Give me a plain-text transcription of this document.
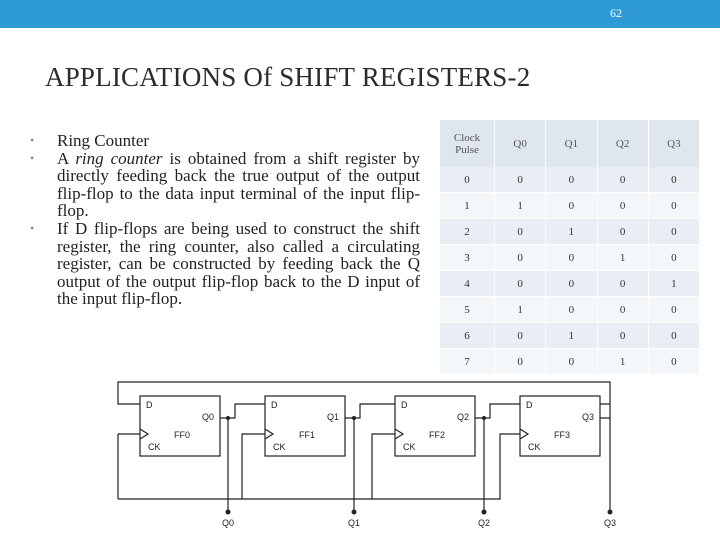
62
APPLICATIONS Of SHIFT REGISTERS-2
• Ring Counter
• A ring counter is obtained from a shift register by directly feeding back the true output of the output flip-flop to the data input terminal of the input flip-flop.
• If D flip-flops are being used to construct the shift register, the ring counter, also called a circulating register, can be constructed by feeding back the Q output of the output flip-flop back to the D input of the input flip-flop.
Clock Pulse	Q0	Q1	Q2	Q3
0	0	0	0	0
1	1	0	0	0
2	0	1	0	0
3	0	0	1	0
4	0	0	0	1
5	1	0	0	0
6	0	1	0	0
7	0	0	1	0
D
Q0
FF0
CK
D
Q1
FF1
CK
D
Q2
FF2
CK
D
Q3
FF3
CK
Q0	Q1	Q2	Q3
